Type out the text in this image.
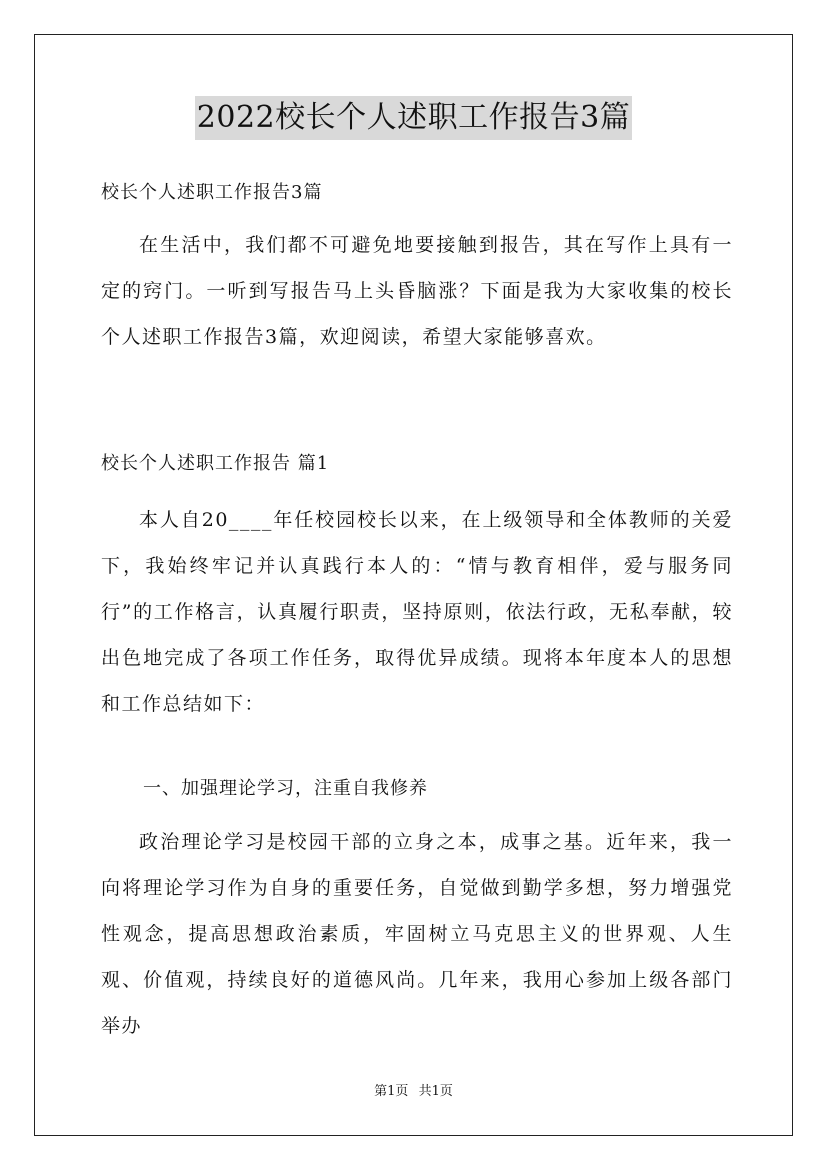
2022校长个人述职工作报告3篇
校长个人述职工作报告3篇

在生活中，我们都不可避免地要接触到报告，其在写作上具有一定的窍门。一听到写报告马上头昏脑涨？下面是我为大家收集的校长个人述职工作报告3篇，欢迎阅读，希望大家能够喜欢。

校长个人述职工作报告 篇1

本人自20____年任校园校长以来，在上级领导和全体教师的关爱下，我始终牢记并认真践行本人的：“情与教育相伴，爱与服务同行”的工作格言，认真履行职责，坚持原则，依法行政，无私奉献，较出色地完成了各项工作任务，取得优异成绩。现将本年度本人的思想和工作总结如下：

一、加强理论学习，注重自我修养

政治理论学习是校园干部的立身之本，成事之基。近年来，我一向将理论学习作为自身的重要任务，自觉做到勤学多想，努力增强党性观念，提高思想政治素质，牢固树立马克思主义的世界观、人生观、价值观，持续良好的道德风尚。几年来，我用心参加上级各部门举办

第1页 共1页
